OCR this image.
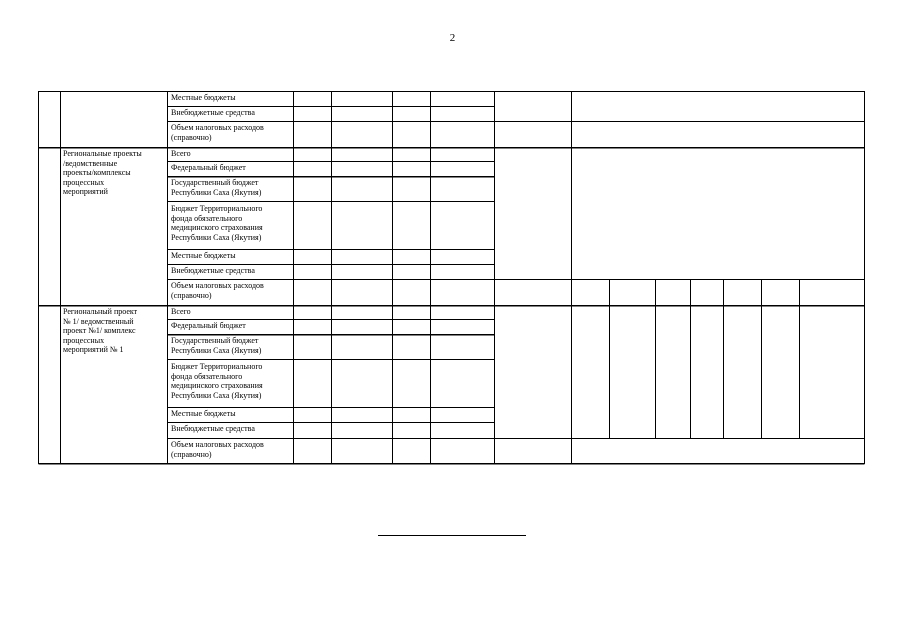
2
Местные бюджеты
Внебюджетные средства
Объем налоговых расходов
(справочно)
Региональные проекты
/ведомственные
проекты/комплексы
процессных
мероприятий
Всего
Федеральный бюджет
Государственный бюджет
Республики Саха (Якутия)
Бюджет Территориального
фонда обязательного
медицинского страхования
Республики Саха (Якутия)
Местные бюджеты
Внебюджетные средства
Объем налоговых расходов
(справочно)
Региональный проект
№ 1/ ведомственный
проект №1/ комплекс
процессных
мероприятий № 1
Всего
Федеральный бюджет
Государственный бюджет
Республики Саха (Якутия)
Бюджет Территориального
фонда обязательного
медицинского страхования
Республики Саха (Якутия)
Местные бюджеты
Внебюджетные средства
Объем налоговых расходов
(справочно)
